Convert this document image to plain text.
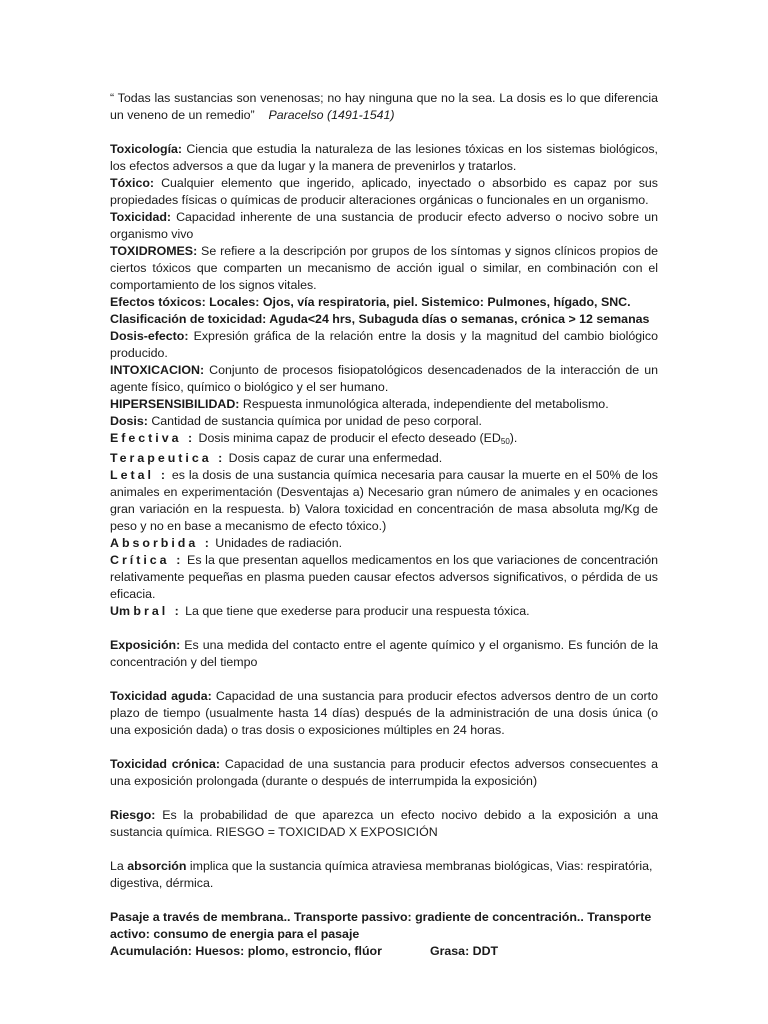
“ Todas las sustancias son venenosas; no hay ninguna que no la sea. La dosis es lo que diferencia un veneno de un remedio” Paracelso (1491-1541)

Toxicología: Ciencia que estudia la naturaleza de las lesiones tóxicas en los sistemas biológicos, los efectos adversos a que da lugar y la manera de prevenirlos y tratarlos.

Tóxico: Cualquier elemento que ingerido, aplicado, inyectado o absorbido es capaz por sus propiedades físicas o químicas de producir alteraciones orgánicas o funcionales en un organismo.

Toxicidad: Capacidad inherente de una sustancia de producir efecto adverso o nocivo sobre un organismo vivo

TOXIDROMES: Se refiere a la descripción por grupos de los síntomas y signos clínicos propios de ciertos tóxicos que comparten un mecanismo de acción igual o similar, en combinación con el comportamiento de los signos vitales.

Efectos tóxicos: Locales: Ojos, vía respiratoria, piel. Sistemico: Pulmones, hígado, SNC.

Clasificación de toxicidad: Aguda<24 hrs, Subaguda días o semanas, crónica > 12 semanas

Dosis-efecto: Expresión gráfica de la relación entre la dosis y la magnitud del cambio biológico producido.

INTOXICACION: Conjunto de procesos fisiopatológicos desencadenados de la interacción de un agente físico, químico o biológico y el ser humano.

HIPERSENSIBILIDAD: Respuesta inmunológica alterada, independiente del metabolismo.

Dosis: Cantidad de sustancia química por unidad de peso corporal.

Efectiva : Dosis minima capaz de producir el efecto deseado $(ED_{50})$.

Terapeutica : Dosis capaz de curar una enfermedad.

Letal : es la dosis de una sustancia química necesaria para causar la muerte en el 50% de los animales en experimentación (Desventajas a) Necesario gran número de animales y en ocaciones gran variación en la respuesta. b) Valora toxicidad en concentración de masa absoluta mg/Kg de peso y no en base a mecanismo de efecto tóxico.)

Absorbida : Unidades de radiación.

Crítica : Es la que presentan aquellos medicamentos en los que variaciones de concentración relativamente pequeñas en plasma pueden causar efectos adversos significativos, o pérdida de us eficacia.

Um bral : La que tiene que exederse para producir una respuesta tóxica.

Exposición: Es una medida del contacto entre el agente químico y el organismo. Es función de la concentración y del tiempo

Toxicidad aguda: Capacidad de una sustancia para producir efectos adversos dentro de un corto plazo de tiempo (usualmente hasta 14 días) después de la administración de una dosis única (o una exposición dada) o tras dosis o exposiciones múltiples en 24 horas.

Toxicidad crónica: Capacidad de una sustancia para producir efectos adversos consecuentes a una exposición prolongada (durante o después de interrumpida la exposición)

Riesgo: Es la probabilidad de que aparezca un efecto nocivo debido a la exposición a una sustancia química. RIESGO = TOXICIDAD X EXPOSICIÓN

La absorción implica que la sustancia química atraviesa membranas biológicas, Vias: respiratória, digestiva, dérmica.

Pasaje a través de membrana.. Transporte passivo: gradiente de concentración.. Transporte activo: consumo de energia para el pasaje

Acumulación: Huesos: plomo, estroncio, flúor	Grasa: DDT
